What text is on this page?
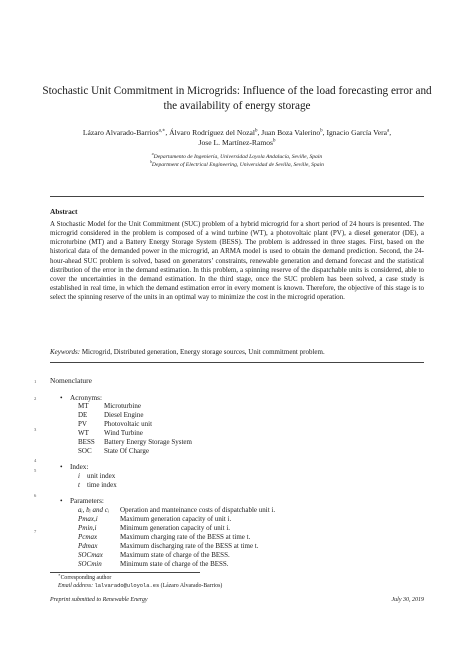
Stochastic Unit Commitment in Microgrids: Influence of the load forecasting error and the availability of energy storage
Lázaro Alvarado-Barrios$^{a,∗}$, Álvaro Rodríguez del Nozal$^b$, Juan Boza Valerino$^b$, Ignacio García Vera$^a$,
Jose L. Martínez-Ramos$^b$
$^a$Departamento de Ingeniería, Universidad Loyola Andalucía, Seville, Spain
$^b$Department of Electrical Engineering, Universidad de Sevilla, Seville, Spain
Abstract
A Stochastic Model for the Unit Commitment (SUC) problem of a hybrid microgrid for a short period of 24 hours is presented. The microgrid considered in the problem is composed of a wind turbine (WT), a photovoltaic plant (PV), a diesel generator (DE), a microturbine (MT) and a Battery Energy Storage System (BESS). The problem is addressed in three stages. First, based on the historical data of the demanded power in the microgrid, an ARMA model is used to obtain the demand prediction. Second, the 24-hour-ahead SUC problem is solved, based on generators’ constraints, renewable generation and demand forecast and the statistical distribution of the error in the demand estimation. In this problem, a spinning reserve of the dispatchable units is considered, able to cover the uncertainties in the demand estimation. In the third stage, once the SUC problem has been solved, a case study is established in real time, in which the demand estimation error in every moment is known. Therefore, the objective of this stage is to select the spinning reserve of the units in an optimal way to minimize the cost in the microgrid operation.
Keywords: Microgrid, Distributed generation, Energy storage sources, Unit commitment problem.
1
2
3
4
5
6
7
Nomenclature
• Acronyms:
MT Microturbine
DE Diesel Engine
PV Photovoltaic unit
WT Wind Turbine
BESS Battery Energy Storage System
SOC State Of Charge
• Index:
i unit index
t time index
• Parameters:
aᵢ, bᵢ and cᵢ Operation and manteinance costs of dispatchable unit i.
Pmax,i	Maximum generation capacity of unit i.
Pmin,i	Minimum generation capacity of unit i.
Pcmax	Maximum charging rate of the BESS at time t.
Pdmax	Maximum discharging rate of the BESS at time t.
SOCmax Maximum state of charge of the BESS.
SOCmin	Minimum state of charge of the BESS.
∗Corresponding author
Email address: lalvarado@uloyola.es (Lázaro Alvarado-Barrios)
Preprint submitted to Renewable Energy	July 30, 2019
